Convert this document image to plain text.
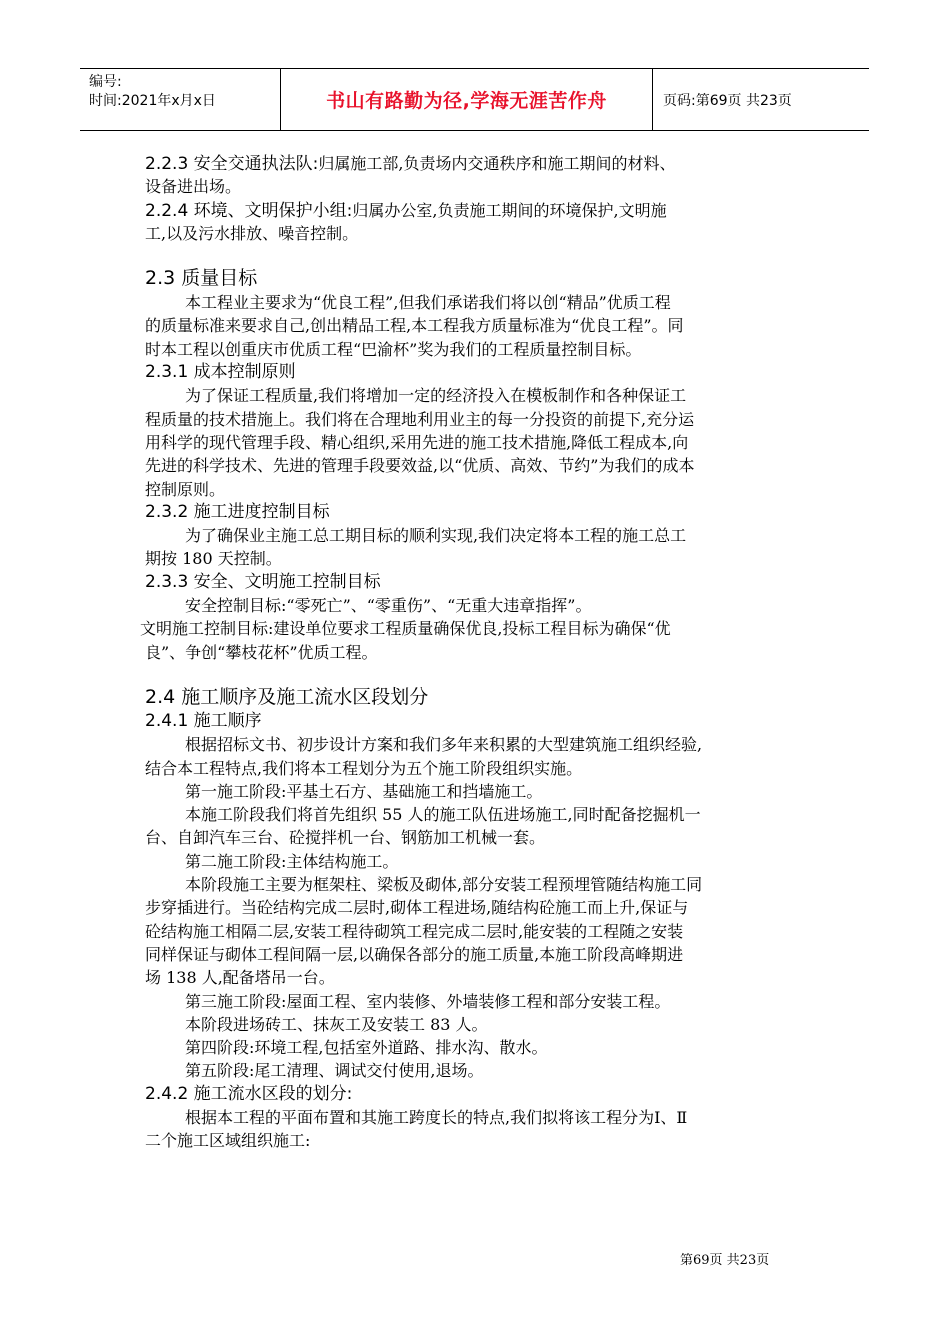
编号:
时间:2021年x月x日	书山有路勤为径,学海无涯苦作舟	页码:第69页 共23页
2.2.3 安全交通执法队:归属施工部,负责场内交通秩序和施工期间的材料、
设备进出场。
2.2.4 环境、文明保护小组:归属办公室,负责施工期间的环境保护,文明施
工,以及污水排放、噪音控制。
2.3 质量目标
本工程业主要求为“优良工程”,但我们承诺我们将以创“精品”优质工程
的质量标准来要求自己,创出精品工程,本工程我方质量标准为“优良工程”。同
时本工程以创重庆市优质工程“巴渝杯”奖为我们的工程质量控制目标。
2.3.1 成本控制原则
为了保证工程质量,我们将增加一定的经济投入在模板制作和各种保证工
程质量的技术措施上。我们将在合理地利用业主的每一分投资的前提下,充分运
用科学的现代管理手段、精心组织,采用先进的施工技术措施,降低工程成本,向
先进的科学技术、先进的管理手段要效益,以“优质、高效、节约”为我们的成本
控制原则。
2.3.2 施工进度控制目标
为了确保业主施工总工期目标的顺利实现,我们决定将本工程的施工总工
期按 180 天控制。
2.3.3 安全、文明施工控制目标
安全控制目标:“零死亡”、“零重伤”、“无重大违章指挥”。
文明施工控制目标:建设单位要求工程质量确保优良,投标工程目标为确保“优
良”、争创“攀枝花杯”优质工程。
2.4 施工顺序及施工流水区段划分
2.4.1 施工顺序
根据招标文书、初步设计方案和我们多年来积累的大型建筑施工组织经验,
结合本工程特点,我们将本工程划分为五个施工阶段组织实施。
第一施工阶段:平基土石方、基础施工和挡墙施工。
本施工阶段我们将首先组织 55 人的施工队伍进场施工,同时配备挖掘机一
台、自卸汽车三台、砼搅拌机一台、钢筋加工机械一套。
第二施工阶段:主体结构施工。
本阶段施工主要为框架柱、梁板及砌体,部分安装工程预埋管随结构施工同
步穿插进行。当砼结构完成二层时,砌体工程进场,随结构砼施工而上升,保证与
砼结构施工相隔二层,安装工程待砌筑工程完成二层时,能安装的工程随之安装
同样保证与砌体工程间隔一层,以确保各部分的施工质量,本施工阶段高峰期进
场 138 人,配备塔吊一台。
第三施工阶段:屋面工程、室内装修、外墙装修工程和部分安装工程。
本阶段进场砖工、抹灰工及安装工 83 人。
第四阶段:环境工程,包括室外道路、排水沟、散水。
第五阶段:尾工清理、调试交付使用,退场。
2.4.2 施工流水区段的划分:
根据本工程的平面布置和其施工跨度长的特点,我们拟将该工程分为Ⅰ、Ⅱ
二个施工区域组织施工:
第69页 共23页
